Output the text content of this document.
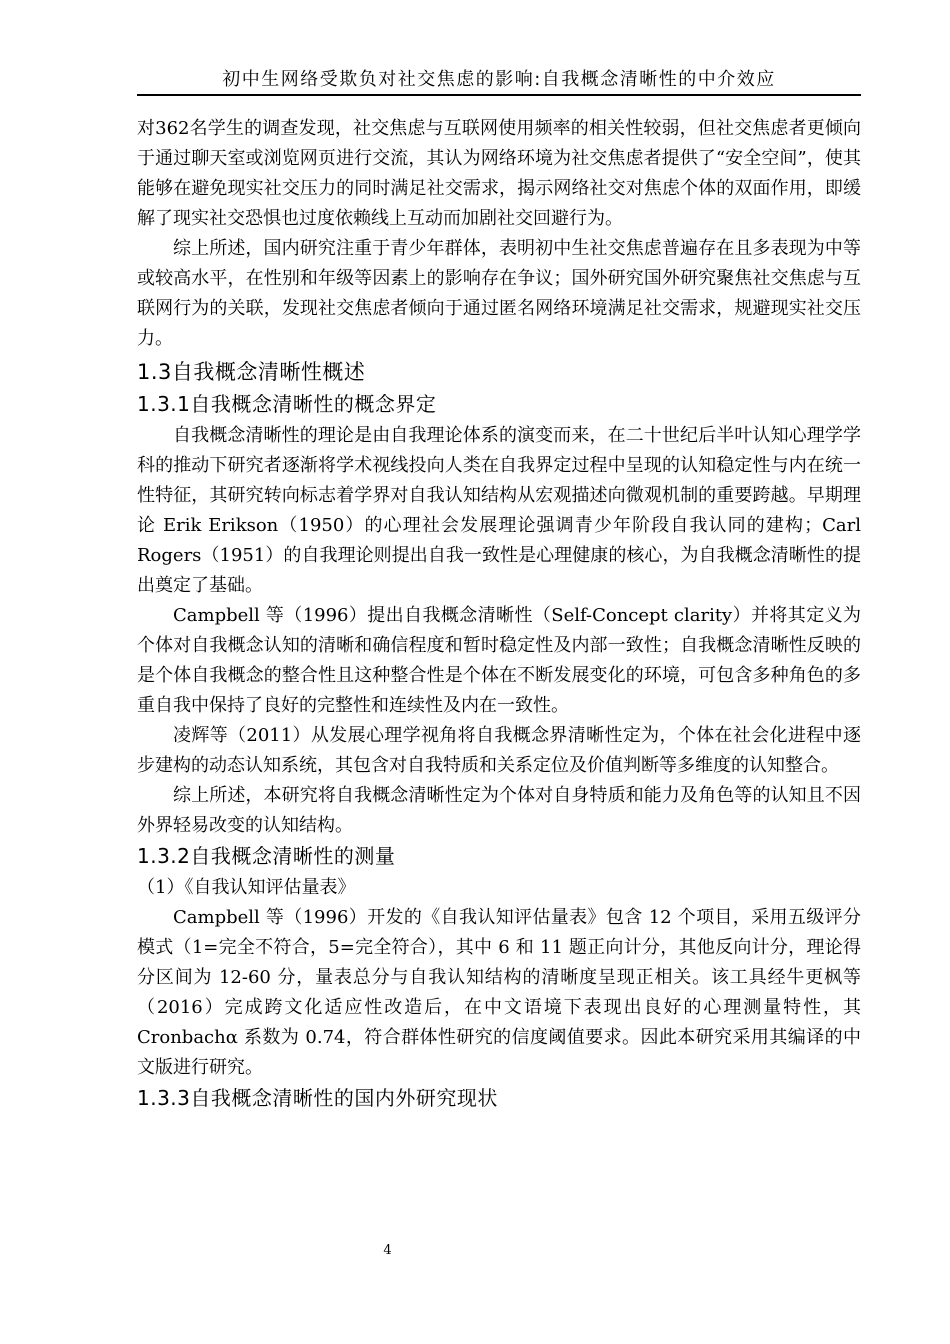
初中生网络受欺负对社交焦虑的影响:自我概念清晰性的中介效应

对362名学生的调查发现，社交焦虑与互联网使用频率的相关性较弱，但社交焦虑者更倾向于通过聊天室或浏览网页进行交流，其认为网络环境为社交焦虑者提供了“安全空间”，使其能够在避免现实社交压力的同时满足社交需求，揭示网络社交对焦虑个体的双面作用，即缓解了现实社交恐惧也过度依赖线上互动而加剧社交回避行为。

综上所述，国内研究注重于青少年群体，表明初中生社交焦虑普遍存在且多表现为中等或较高水平，在性别和年级等因素上的影响存在争议；国外研究国外研究聚焦社交焦虑与互联网行为的关联，发现社交焦虑者倾向于通过匿名网络环境满足社交需求，规避现实社交压力。

1.3自我概念清晰性概述
1.3.1自我概念清晰性的概念界定

自我概念清晰性的理论是由自我理论体系的演变而来，在二十世纪后半叶认知心理学学科的推动下研究者逐渐将学术视线投向人类在自我界定过程中呈现的认知稳定性与内在统一性特征，其研究转向标志着学界对自我认知结构从宏观描述向微观机制的重要跨越。早期理论 Erik Erikson（1950）的心理社会发展理论强调青少年阶段自我认同的建构；Carl Rogers（1951）的自我理论则提出自我一致性是心理健康的核心，为自我概念清晰性的提出奠定了基础。

Campbell 等（1996）提出自我概念清晰性（Self-Concept clarity）并将其定义为个体对自我概念认知的清晰和确信程度和暂时稳定性及内部一致性；自我概念清晰性反映的是个体自我概念的整合性且这种整合性是个体在不断发展变化的环境，可包含多种角色的多重自我中保持了良好的完整性和连续性及内在一致性。

凌辉等（2011）从发展心理学视角将自我概念界清晰性定为，个体在社会化进程中逐步建构的动态认知系统，其包含对自我特质和关系定位及价值判断等多维度的认知整合。

综上所述，本研究将自我概念清晰性定为个体对自身特质和能力及角色等的认知且不因外界轻易改变的认知结构。

1.3.2自我概念清晰性的测量

（1）《自我认知评估量表》

Campbell 等（1996）开发的《自我认知评估量表》包含 12 个项目，采用五级评分模式（1=完全不符合，5=完全符合），其中 6 和 11 题正向计分，其他反向计分，理论得分区间为 12-60 分，量表总分与自我认知结构的清晰度呈现正相关。该工具经牛更枫等（2016）完成跨文化适应性改造后，在中文语境下表现出良好的心理测量特性，其 Cronbachα 系数为 0.74，符合群体性研究的信度阈值要求。因此本研究采用其编译的中文版进行研究。

1.3.3自我概念清晰性的国内外研究现状
4
